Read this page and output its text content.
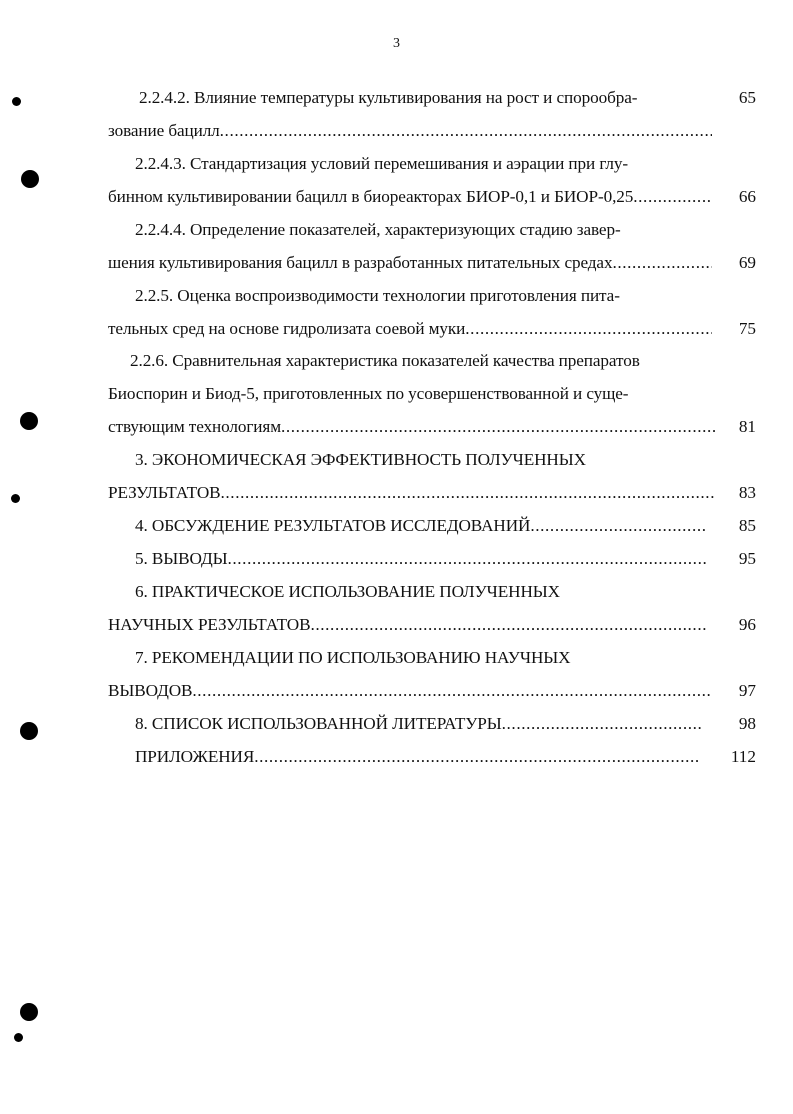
3
2.2.4.2. Влияние температуры культивирования на рост и спорообра-	65
зование бацилл
.....
2.2.4.3. Стандартизация условий перемешивания и аэрации при глу-
бинном культивировании бацилл в биореакторах БИОР-0,1 и БИОР-0,25 .....	66
2.2.4.4. Определение показателей, характеризующих стадию завер-
шения культивирования бацилл в разработанных питательных средах .....	69
2.2.5. Оценка воспроизводимости технологии приготовления пита-
тельных сред на основе гидролизата соевой муки .....	75
2.2.6. Сравнительная характеристика показателей качества препаратов
Биоспорин и Биод-5, приготовленных по усовершенствованной и суще-
ствующим технологиям .....	81
3. ЭКОНОМИЧЕСКАЯ ЭФФЕКТИВНОСТЬ ПОЛУЧЕННЫХ
РЕЗУЛЬТАТОВ .....	83
4. ОБСУЖДЕНИЕ РЕЗУЛЬТАТОВ ИССЛЕДОВАНИЙ .....	85
5. ВЫВОДЫ .....	95
6. ПРАКТИЧЕСКОЕ ИСПОЛЬЗОВАНИЕ ПОЛУЧЕННЫХ
НАУЧНЫХ РЕЗУЛЬТАТОВ .....	96
7. РЕКОМЕНДАЦИИ ПО ИСПОЛЬЗОВАНИЮ НАУЧНЫХ
ВЫВОДОВ .....	97
8. СПИСОК ИСПОЛЬЗОВАННОЙ ЛИТЕРАТУРЫ .....	98
ПРИЛОЖЕНИЯ .....	112
